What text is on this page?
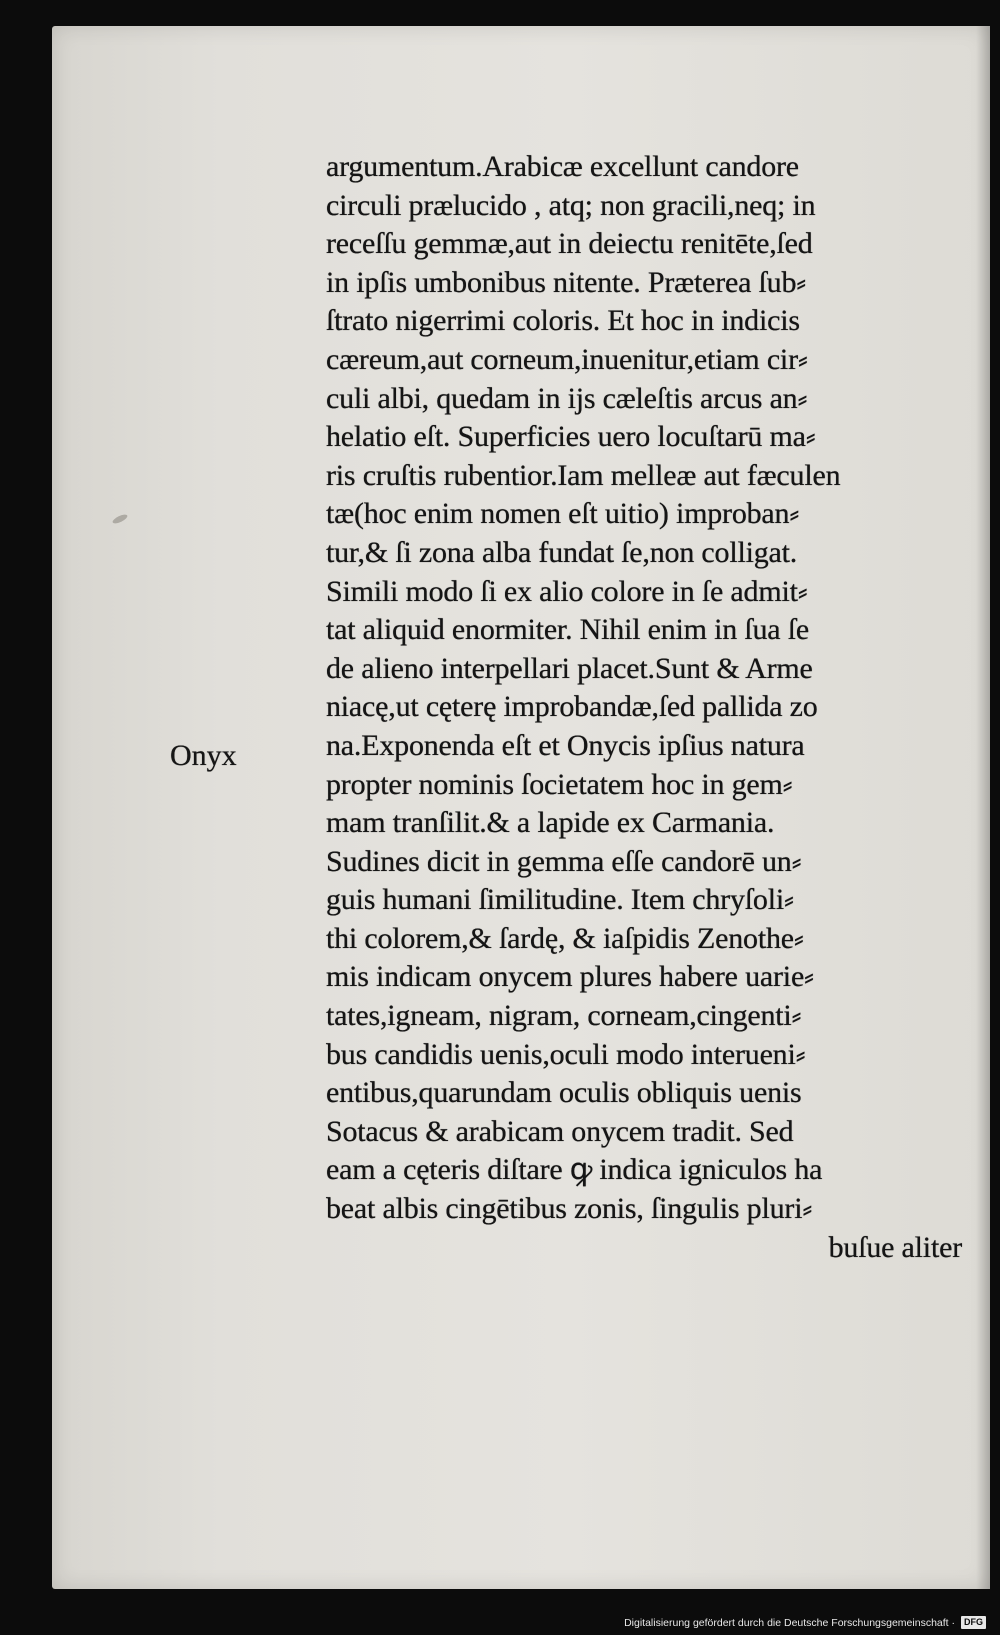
Onyx
argumentum.Arabicæ excellunt candore
circuli prælucido , atq; non gracili,neq; in
receſſu gemmæ,aut in deiectu renitēte,ſed
in ipſis umbonibus nitente. Præterea ſub⸗
ſtrato nigerrimi coloris. Et hoc in indicis
cæreum,aut corneum,inuenitur,etiam cir⸗
culi albi, quedam in ijs cæleſtis arcus an⸗
helatio eſt. Superficies uero locuſtarū ma⸗
ris cruſtis rubentior.Iam melleæ aut fæculen
tæ(hoc enim nomen eſt uitio) improban⸗
tur,& ſi zona alba fundat ſe,non colligat.
Simili modo ſi ex alio colore in ſe admit⸗
tat aliquid enormiter. Nihil enim in ſua ſe
de alieno interpellari placet.Sunt & Arme
niacę,ut cęterę improbandæ,ſed pallida zo
na.Exponenda eſt et Onycis ipſius natura
propter nominis ſocietatem hoc in gem⸗
mam tranſilit.& a lapide ex Carmania.
Sudines dicit in gemma eſſe candorē un⸗
guis humani ſimilitudine. Item chryſoli⸗
thi colorem,& ſardę, & iaſpidis Zenothe⸗
mis indicam onycem plures habere uarie⸗
tates,igneam, nigram, corneam,cingenti⸗
bus candidis uenis,oculi modo interueni⸗
entibus,quarundam oculis obliquis uenis
Sotacus & arabicam onycem tradit. Sed
eam a cęteris diſtare ꝙ indica igniculos ha
beat albis cingētibus zonis, ſingulis pluri⸗
buſue aliter
Digitalisierung gefördert durch die Deutsche Forschungsgemeinschaft ·	DFG
